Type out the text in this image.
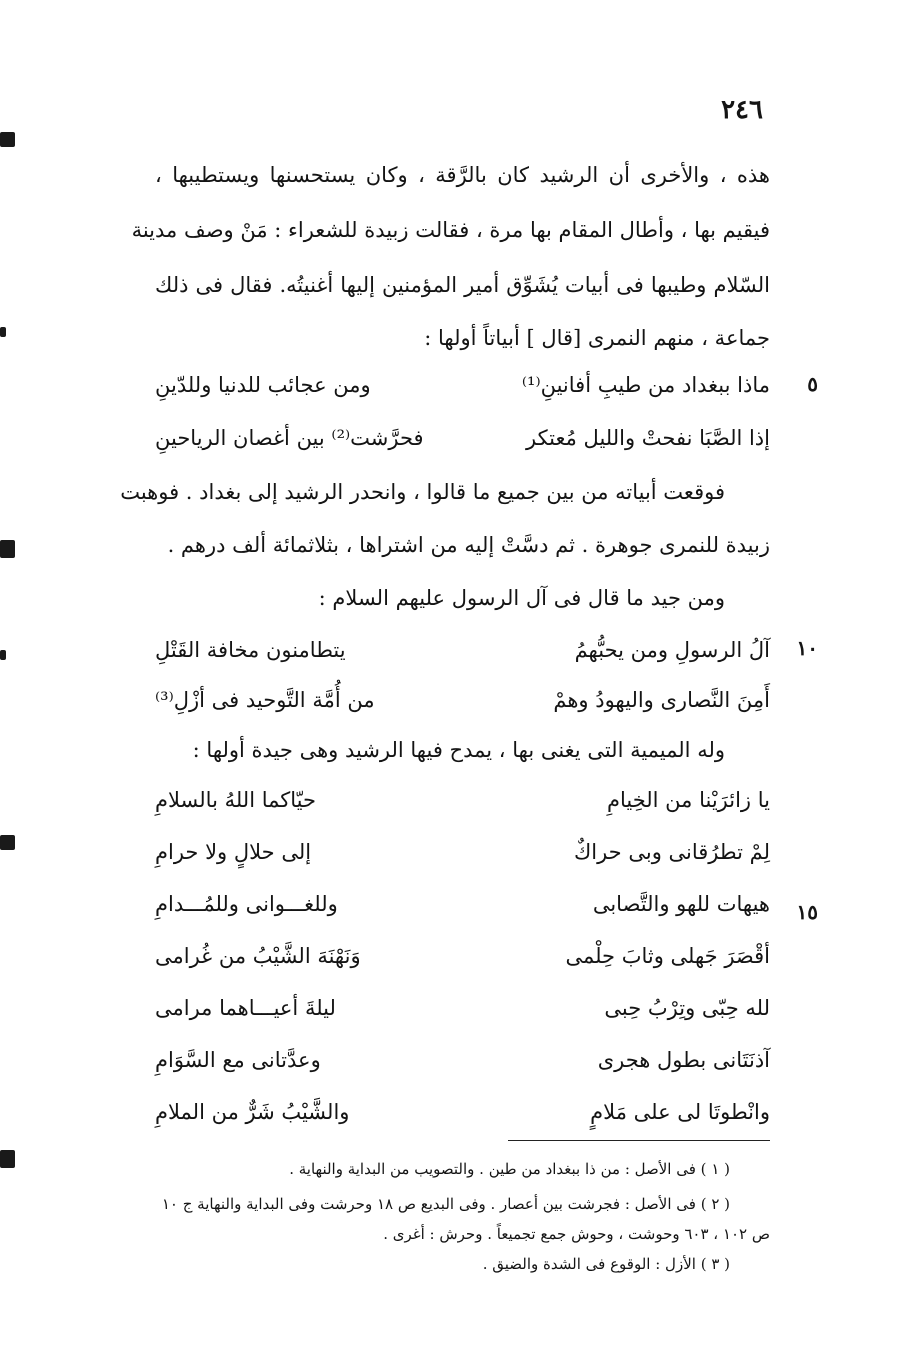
٢٤٦
هذه ، والأخرى أن الرشيد كان بالرَّقة ، وكان يستحسنها ويستطيبها ،
فيقيم بها ، وأطال المقام بها مرة ، فقالت زبيدة للشعراء : مَنْ وصف مدينة
السّلام وطيبها فى أبيات يُشَوِّق أمير المؤمنين إليها أغنيتُه. فقال فى ذلك
جماعة ، منهم النمرى [قال ] أبياتاً أولها :
ماذا ببغداد من طيبِ أفانينِ⁽¹⁾
ومن عجائب للدنيا وللدّينِ
إذا الصَّبَا نفحتْ والليل مُعتكر
فحرَّشت⁽²⁾ بين أغصان الرياحينِ
فوقعت أبياته من بين جميع ما قالوا ، وانحدر الرشيد إلى بغداد . فوهبت
زبيدة للنمرى جوهرة . ثم دسَّتْ إليه من اشتراها ، بثلاثمائة ألف درهم .
ومن جيد ما قال فى آل الرسول عليهم السلام :
آلُ الرسولِ ومن يحبُّهمُ
يتطامنون مخافة القَتْلِ
أَمِنَ النَّصارى واليهودُ وهمْ
من أُمَّة التَّوحيد فى أزْلِ⁽³⁾
وله الميمية التى يغنى بها ، يمدح فيها الرشيد وهى جيدة أولها :
يا زائرَيْنا من الخِيامِ
حيّاكما اللهُ بالسلامِ
لِمْ تطرُقانى وبى حراكٌ
إلى حلالٍ ولا حرامِ
هيهات للهو والتَّصابى
وللغـــوانى وللمُـــدامِ
أقْصَرَ جَهلى وثابَ حِلْمى
وَنَهْنَهَ الشَّيْبُ من غُرامى
لله حِبّى وتِرْبُ حِبى
ليلةَ أعيـــاهما مرامى
آذنَتَانى بطول هجرى
وعدَّتانى مع السَّوَامِ
وانْطوتَا لى على مَلامٍ
والشَّيْبُ شَرٌّ من الملامِ
٥
١٠
١٥
( ١ ) فى الأصل : من ذا ببغداد من طين . والتصويب من البداية والنهاية .
( ٢ ) فى الأصل : فجرشت بين أعصار . وفى البديع ص ١٨ وحرشت وفى البداية والنهاية ج ١٠
ص ١٠٢ ، ٦٠٣ وحوشت ، وحوش جمع تجميعاً . وحرش : أغرى .
( ٣ ) الأزل : الوقوع فى الشدة والضيق .
